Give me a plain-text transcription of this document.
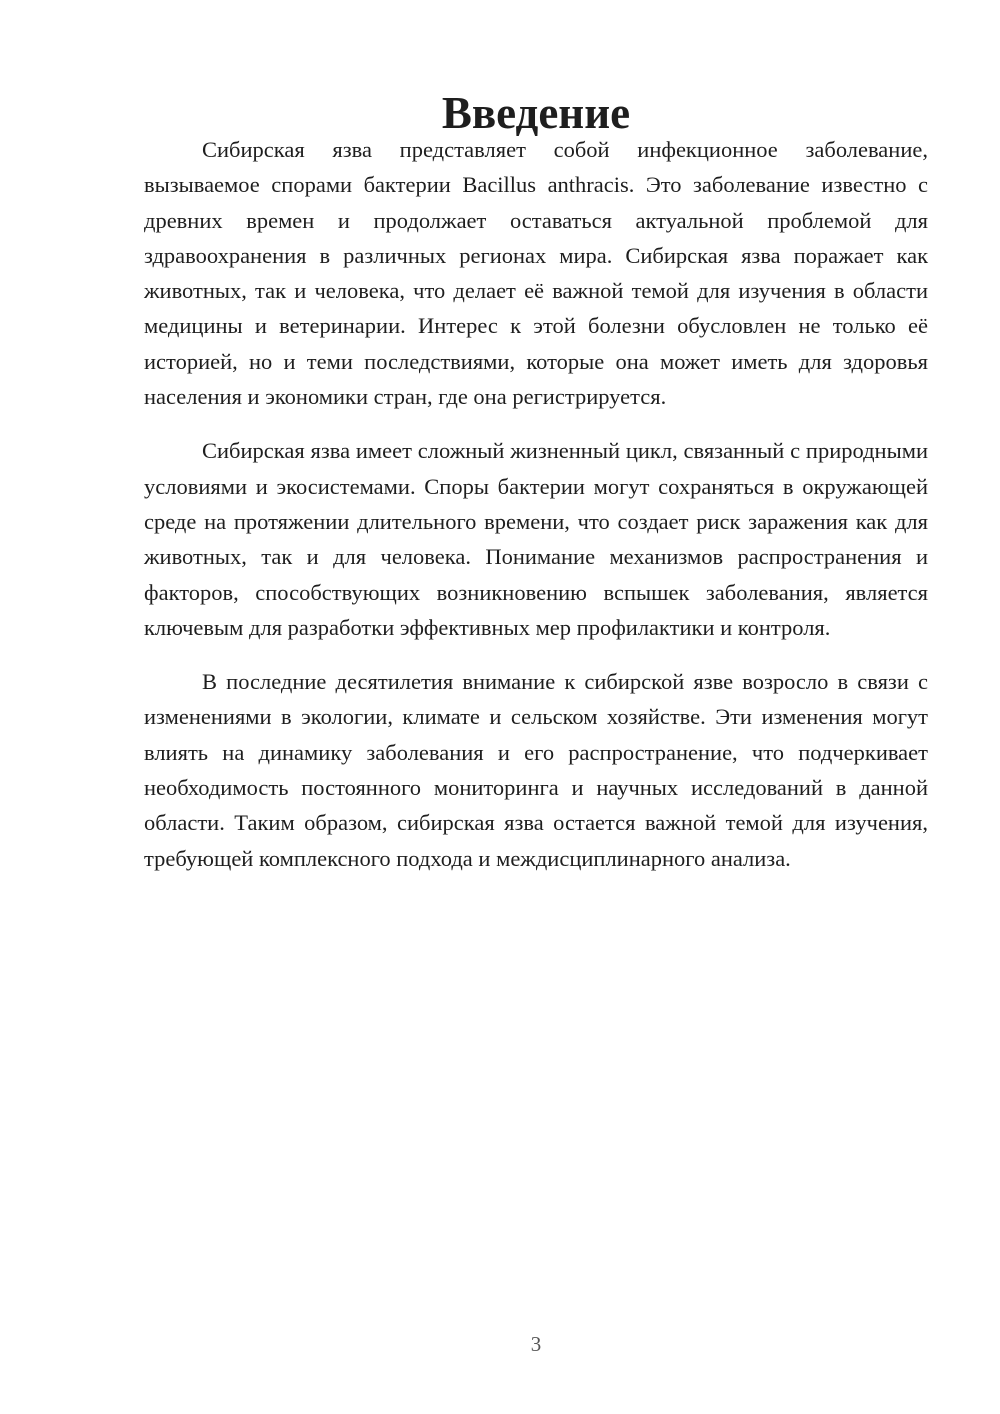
Введение

Сибирская язва представляет собой инфекционное заболевание, вызываемое спорами бактерии Bacillus anthracis. Это заболевание известно с древних времен и продолжает оставаться актуальной проблемой для здравоохранения в различных регионах мира. Сибирская язва поражает как животных, так и человека, что делает её важной темой для изучения в области медицины и ветеринарии. Интерес к этой болезни обусловлен не только её историей, но и теми последствиями, которые она может иметь для здоровья населения и экономики стран, где она регистрируется.

Сибирская язва имеет сложный жизненный цикл, связанный с природными условиями и экосистемами. Споры бактерии могут сохраняться в окружающей среде на протяжении длительного времени, что создает риск заражения как для животных, так и для человека. Понимание механизмов распространения и факторов, способствующих возникновению вспышек заболевания, является ключевым для разработки эффективных мер профилактики и контроля.

В последние десятилетия внимание к сибирской язве возросло в связи с изменениями в экологии, климате и сельском хозяйстве. Эти изменения могут влиять на динамику заболевания и его распространение, что подчеркивает необходимость постоянного мониторинга и научных исследований в данной области. Таким образом, сибирская язва остается важной темой для изучения, требующей комплексного подхода и междисциплинарного анализа.

3
